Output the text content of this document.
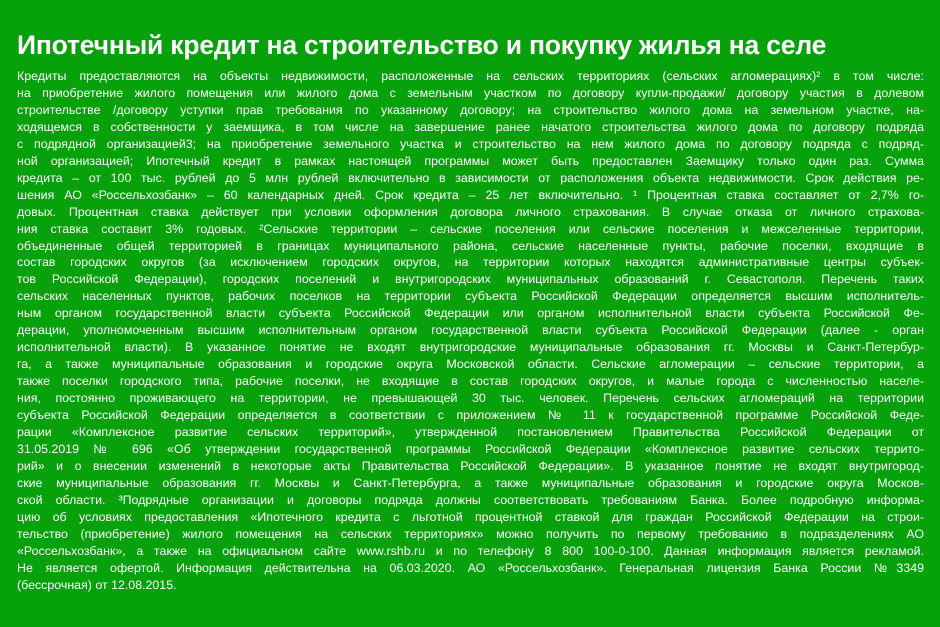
Ипотечный кредит на строительство и покупку жилья на селе
Кредиты предоставляются на объекты недвижимости, расположенные на сельских территориях (сельских агломерациях)² в том числе:
на приобретение жилого помещения или жилого дома с земельным участком по договору купли-продажи/ договору участия в долевом
строительстве /договору уступки прав требования по указанному договору; на строительство жилого дома на земельном участке, на-
ходящемся в собственности у заемщика, в том числе на завершение ранее начатого строительства жилого дома по договору подряда
с подрядной организацией3; на приобретение земельного участка и строительство на нем жилого дома по договору подряда с подряд-
ной организацией; Ипотечный кредит в рамках настоящей программы может быть предоставлен Заемщику только один раз. Сумма
кредита – от 100 тыс. рублей до 5 млн рублей включительно в зависимости от расположения объекта недвижимости. Срок действия ре-
шения АО «Россельхозбанк» – 60 календарных дней. Срок кредита – 25 лет включительно. ¹ Процентная ставка составляет от 2,7% го-
довых. Процентная ставка действует при условии оформления договора личного страхования. В случае отказа от личного страхова-
ния ставка составит 3% годовых. ²Сельские территории – сельские поселения или сельские поселения и межселенные территории,
объединенные общей территорией в границах муниципального района, сельские населенные пункты, рабочие поселки, входящие в
состав городских округов (за исключением городских округов, на территории которых находятся административные центры субъек-
тов Российской Федерации), городских поселений и внутригородских муниципальных образований г. Севастополя. Перечень таких
сельских населенных пунктов, рабочих поселков на территории субъекта Российской Федерации определяется высшим исполнитель-
ным органом государственной власти субъекта Российской Федерации или органом исполнительной власти субъекта Российской Фе-
дерации, уполномоченным высшим исполнительным органом государственной власти субъекта Российской Федерации (далее - орган
исполнительной власти). В указанное понятие не входят внутригородские муниципальные образования гг. Москвы и Санкт-Петербур-
га, а также муниципальные образования и городские округа Московской области. Сельские агломерации – сельские территории, а
также поселки городского типа, рабочие поселки, не входящие в состав городских округов, и малые города с численностью населе-
ния, постоянно проживающего на территории, не превышающей 30 тыс. человек. Перечень сельских агломераций на территории
субъекта Российской Федерации определяется в соответствии с приложением № 11 к государственной программе Российской Феде-
рации «Комплексное развитие сельских территорий», утвержденной постановлением Правительства Российской Федерации от
31.05.2019 № 696 «Об утверждении государственной программы Российской Федерации «Комплексное развитие сельских террито-
рий» и о внесении изменений в некоторые акты Правительства Российской Федерации». В указанное понятие не входят внутригород-
ские муниципальные образования гг. Москвы и Санкт-Петербурга, а также муниципальные образования и городские округа Москов-
ской области. ³Подрядные организации и договоры подряда должны соответствовать требованиям Банка. Более подробную информа-
цию об условиях предоставления «Ипотечного кредита с льготной процентной ставкой для граждан Российской Федерации на строи-
тельство (приобретение) жилого помещения на сельских территориях» можно получить по первому требованию в подразделениях АО
«Россельхозбанк», а также на официальном сайте www.rshb.ru и по телефону 8 800 100-0-100. Данная информация является рекламой.
Не является офертой. Информация действительна на 06.03.2020. АО «Россельхозбанк». Генеральная лицензия Банка России №3349
(бессрочная) от 12.08.2015.
